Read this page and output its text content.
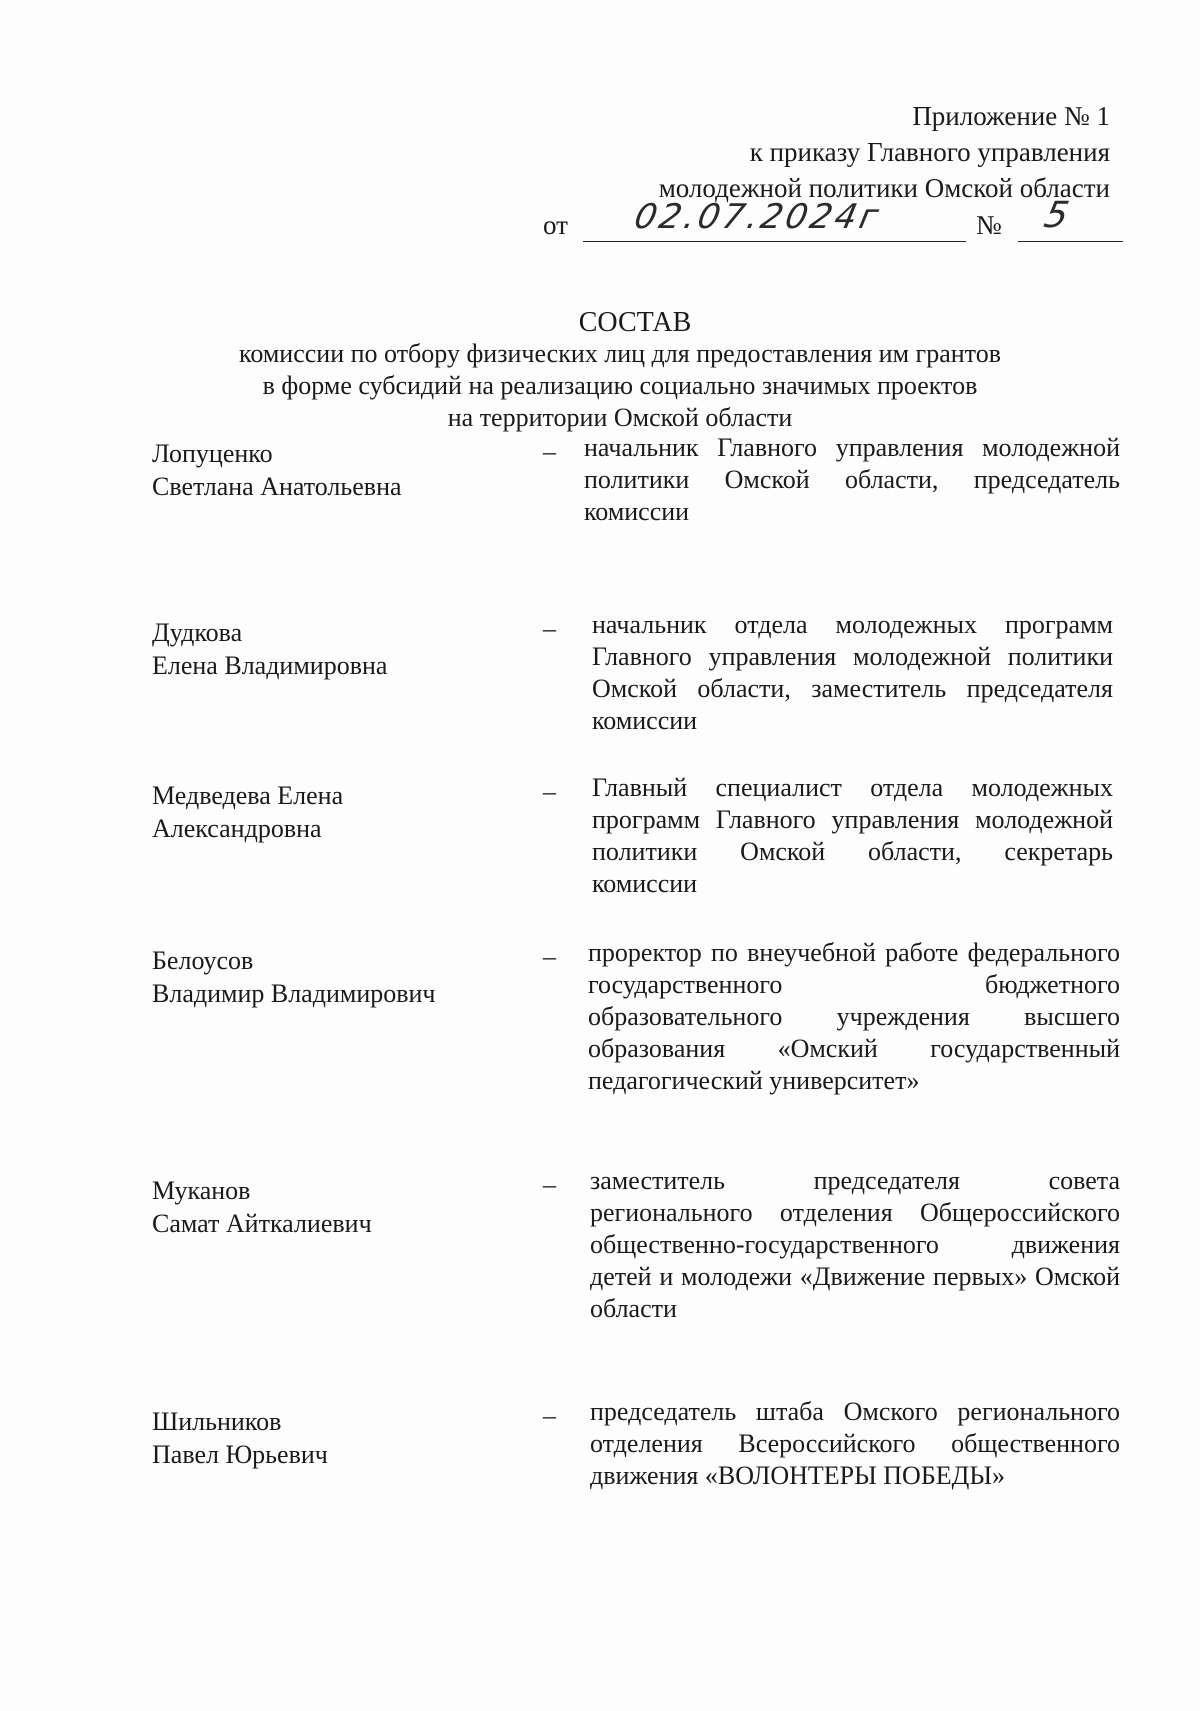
Приложение № 1
к приказу Главного управления
молодежной политики Омской области
от 02.07.2024г	№ 5
СОСТАВ
комиссии по отбору физических лиц для предоставления им грантов
в форме субсидий на реализацию социально значимых проектов
на территории Омской области
Лопуценко
Светлана Анатольевна
– начальник Главного управления молодежной политики Омской области, председатель комиссии
Дудкова
Елена Владимировна
– начальник отдела молодежных программ Главного управления молодежной политики Омской области, заместитель председателя комиссии
Медведева Елена
Александровна
– Главный специалист отдела молодежных программ Главного управления молодежной политики Омской области, секретарь комиссии
Белоусов
Владимир Владимирович
– проректор по внеучебной работе федерального государственного бюджетного образовательного учреждения высшего образования «Омский государственный педагогический университет»
Муканов
Самат Айткалиевич
– заместитель председателя совета регионального отделения Общероссийского общественно-государственного движения детей и молодежи «Движение первых» Омской области
Шильников
Павел Юрьевич
– председатель штаба Омского регионального отделения Всероссийского общественного движения «ВОЛОНТЕРЫ ПОБЕДЫ»
